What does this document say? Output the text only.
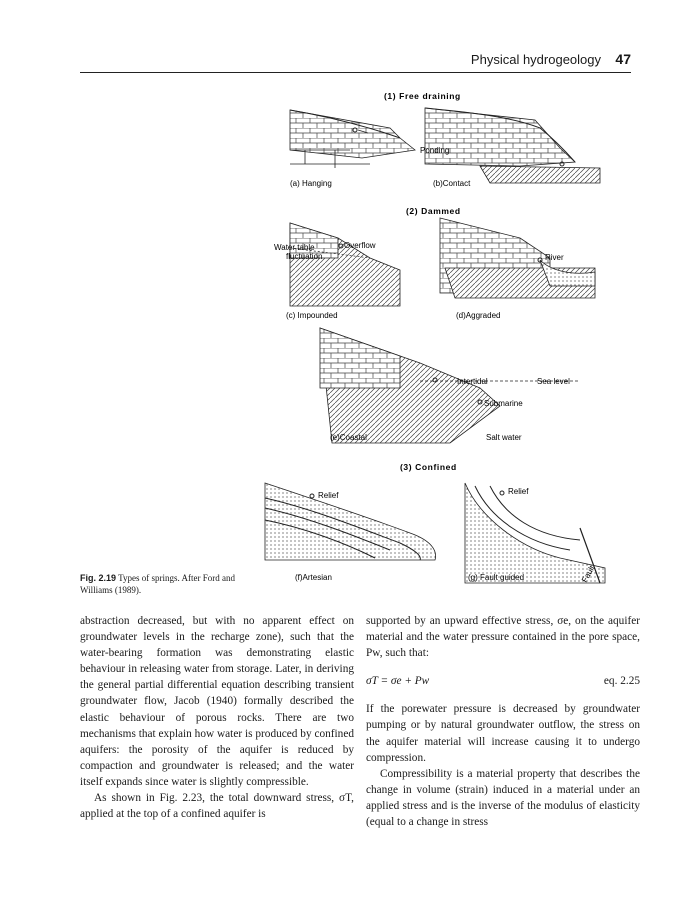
Physical hydrogeology 47
(1) Free draining
(a) Hanging
Ponding
(b)Contact
(2) Dammed
Water table
fluctuation
Overflow
(c) Impounded
River
(d)Aggraded
Intertidal	Sea level
Submarine
Salt water
(e)Coastal
(3) Confined
Relief
(f)Artesian
Relief
Fault
(g) Fault guided
Fig. 2.19 Types of springs. After Ford and Williams (1989).

abstraction decreased, but with no apparent effect on groundwater levels in the recharge zone), such that the water-bearing formation was demonstrating elastic behaviour in releasing water from storage. Later, in deriving the general partial differential equation describing transient groundwater flow, Jacob (1940) formally described the elastic behaviour of porous rocks. There are two mechanisms that explain how water is produced by confined aquifers: the porosity of the aquifer is reduced by compaction and groundwater is released; and the water itself expands since water is slightly compressible.

As shown in Fig. 2.23, the total downward stress, σT, applied at the top of a confined aquifer is

supported by an upward effective stress, σe, on the aquifer material and the water pressure contained in the pore space, Pw, such that:

σT = σe + Pw	eq. 2.25

If the porewater pressure is decreased by groundwater pumping or by natural groundwater outflow, the stress on the aquifer material will increase causing it to undergo compression.

Compressibility is a material property that describes the change in volume (strain) induced in a material under an applied stress and is the inverse of the modulus of elasticity (equal to a change in stress
